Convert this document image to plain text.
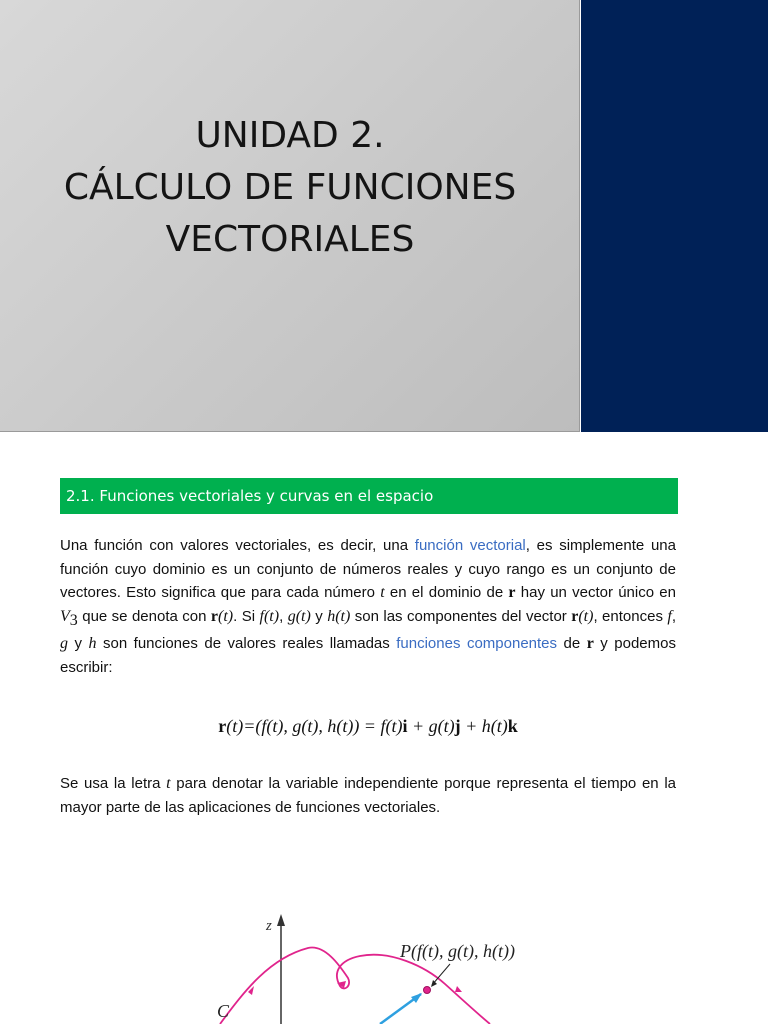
UNIDAD 2.
CÁLCULO DE FUNCIONES
VECTORIALES
2.1. Funciones vectoriales y curvas en el espacio
Una función con valores vectoriales, es decir, una función vectorial, es simplemente una función cuyo dominio es un conjunto de números reales y cuyo rango es un conjunto de vectores. Esto significa que para cada número t en el dominio de r hay un vector único en $V_3$ que se denota con r(t). Si f(t), g(t) y h(t) son las componentes del vector r(t), entonces f, g y h son funciones de valores reales llamadas funciones componentes de r y podemos escribir:
r(t)=(f(t), g(t), h(t)) = f(t)i + g(t)j + h(t)k
Se usa la letra t para denotar la variable independiente porque representa el tiempo en la mayor parte de las aplicaciones de funciones vectoriales.
z
P(f(t), g(t), h(t))
C
